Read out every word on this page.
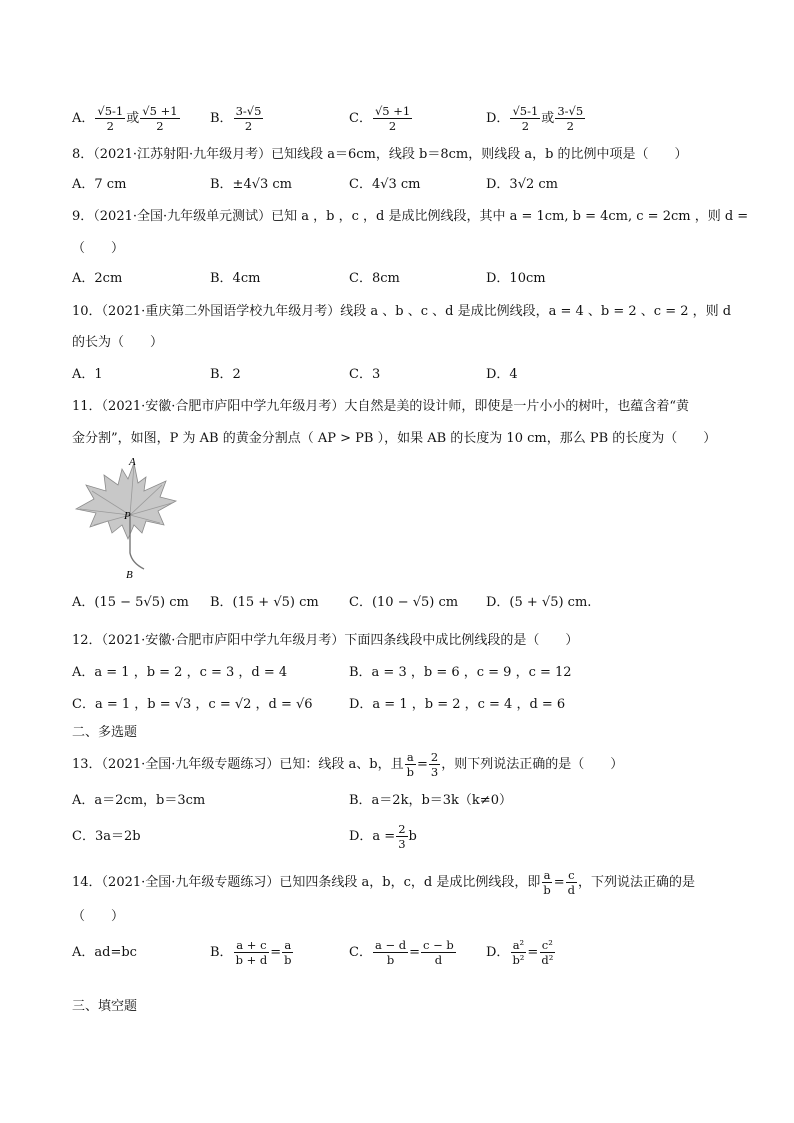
A． $\frac{√5-1}{2}$ 或 $\frac{√5 +1}{2}$ B． $\frac{3-√5}{2}$	C． $\frac{√5 +1}{2}$	D． $\frac{√5-1}{2}$ 或 $\frac{3-√5}{2}$
8．（2021·江苏射阳·九年级月考）已知线段 a＝6cm，线段 b＝8cm，则线段 a，b 的比例中项是（　　）
A．7 cm	B．±4√3 cm	C．4√3 cm	D．3√2 cm
9．（2021·全国·九年级单元测试）已知 a ，b ，c ，d 是成比例线段，其中 a = 1cm, b = 4cm, c = 2cm ，则 d =
（　　）
A．2cm	B．4cm	C．8cm	D．10cm
10．（2021·重庆第二外国语学校九年级月考）线段 a 、b 、c 、d 是成比例线段，a = 4 、b = 2 、c = 2 ，则 d
的长为（　　）
A．1	B．2	C．3	D．4
11．（2021·安徽·合肥市庐阳中学九年级月考）大自然是美的设计师，即使是一片小小的树叶，也蕴含着“黄
金分割”，如图，P 为 AB 的黄金分割点（ AP > PB ），如果 AB 的长度为 10 cm，那么 PB 的长度为（　　）
A
P
B
A．(15 − 5√5) cm B．(15 + √5) cm C．(10 − √5) cm D．(5 + √5) cm.
12．（2021·安徽·合肥市庐阳中学九年级月考）下面四条线段中成比例线段的是（　　）
A．a = 1 ，b = 2 ，c = 3 ，d = 4	B．a = 3 ，b = 6 ，c = 9 ，c = 12
C．a = 1 ，b = √3 ，c = √2 ，d = √6	D．a = 1 ，b = 2 ，c = 4 ，d = 6
二、多选题
13．（2021·全国·九年级专题练习）已知：线段 a、b，且 $\frac{a}{b} = \frac{2}{3}$ ，则下列说法正确的是（　　）
A．a＝2cm，b＝3cm	B．a＝2k，b＝3k（k≠0）
C．3a＝2b	D．$a = \frac{2}{3}$ b
14．（2021·全国·九年级专题练习）已知四条线段 a，b，c，d 是成比例线段，即 $\frac{a}{b} = \frac{c}{d}$ ，下列说法正确的是
（　　）
A．ad=bc	B． $\frac{a + c}{b + d} = \frac{a}{b}$	C． $\frac{a - d}{b} = \frac{c - b}{d}$ D． $\frac{\text{a²}}{\text{b²}} = \frac{\text{c²}}{\text{d²}}$
三、填空题
